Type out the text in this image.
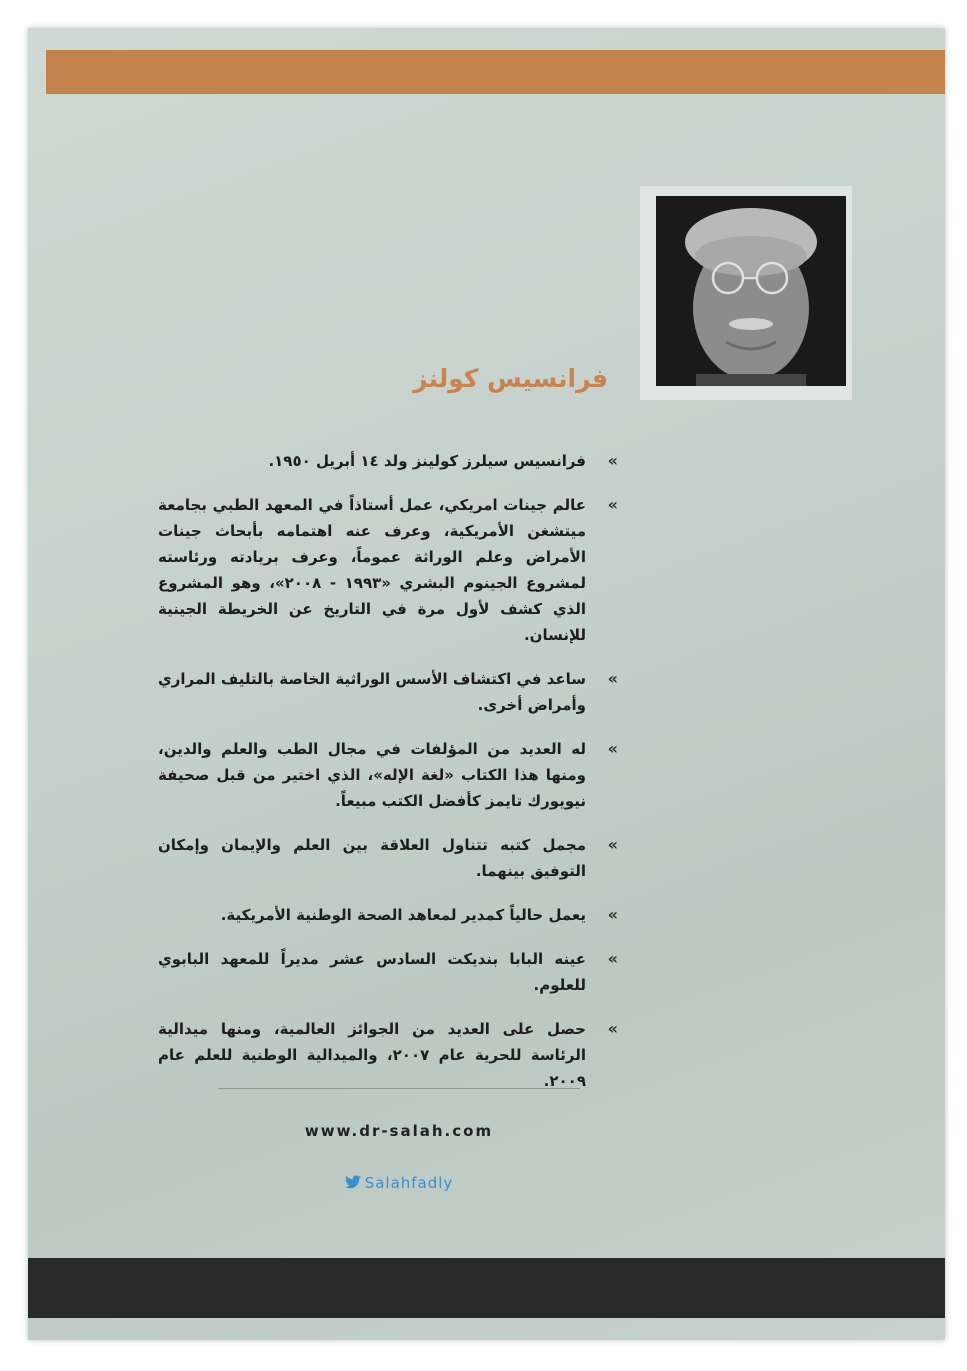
فرانسيس كولنز
»
فرانسيس سيلرز كولينز ولد ١٤ أبريل ١٩٥٠.
»
عالم جينات امريكي، عمل أستاذاً في المعهد الطبي بجامعة ميتشغن الأمريكية، وعرف عنه اهتمامه بأبحاث جينات الأمراض وعلم الوراثة عموماً، وعرف بريادته ورئاسته لمشروع الجينوم البشري «١٩٩٣ - ٢٠٠٨»، وهو المشروع الذي كشف لأول مرة في التاريخ عن الخريطة الجينية للإنسان.
»
ساعد في اكتشاف الأسس الوراثية الخاصة بالتليف المراري وأمراض أخرى.
»
له العديد من المؤلفات في مجال الطب والعلم والدين، ومنها هذا الكتاب «لغة الإله»، الذي اختير من قبل صحيفة نيويورك تايمز كأفضل الكتب مبيعاً.
»
مجمل كتبه تتناول العلاقة بين العلم والإيمان وإمكان التوفيق بينهما.
»
يعمل حالياً كمدير لمعاهد الصحة الوطنية الأمريكية.
»
عينه البابا بنديكت السادس عشر مديراً للمعهد البابوي للعلوم.
»
حصل على العديد من الجوائز العالمية، ومنها ميدالية الرئاسة للحرية عام ٢٠٠٧، والميدالية الوطنية للعلم عام ٢٠٠٩.
www.dr-salah.com
Salahfadly
